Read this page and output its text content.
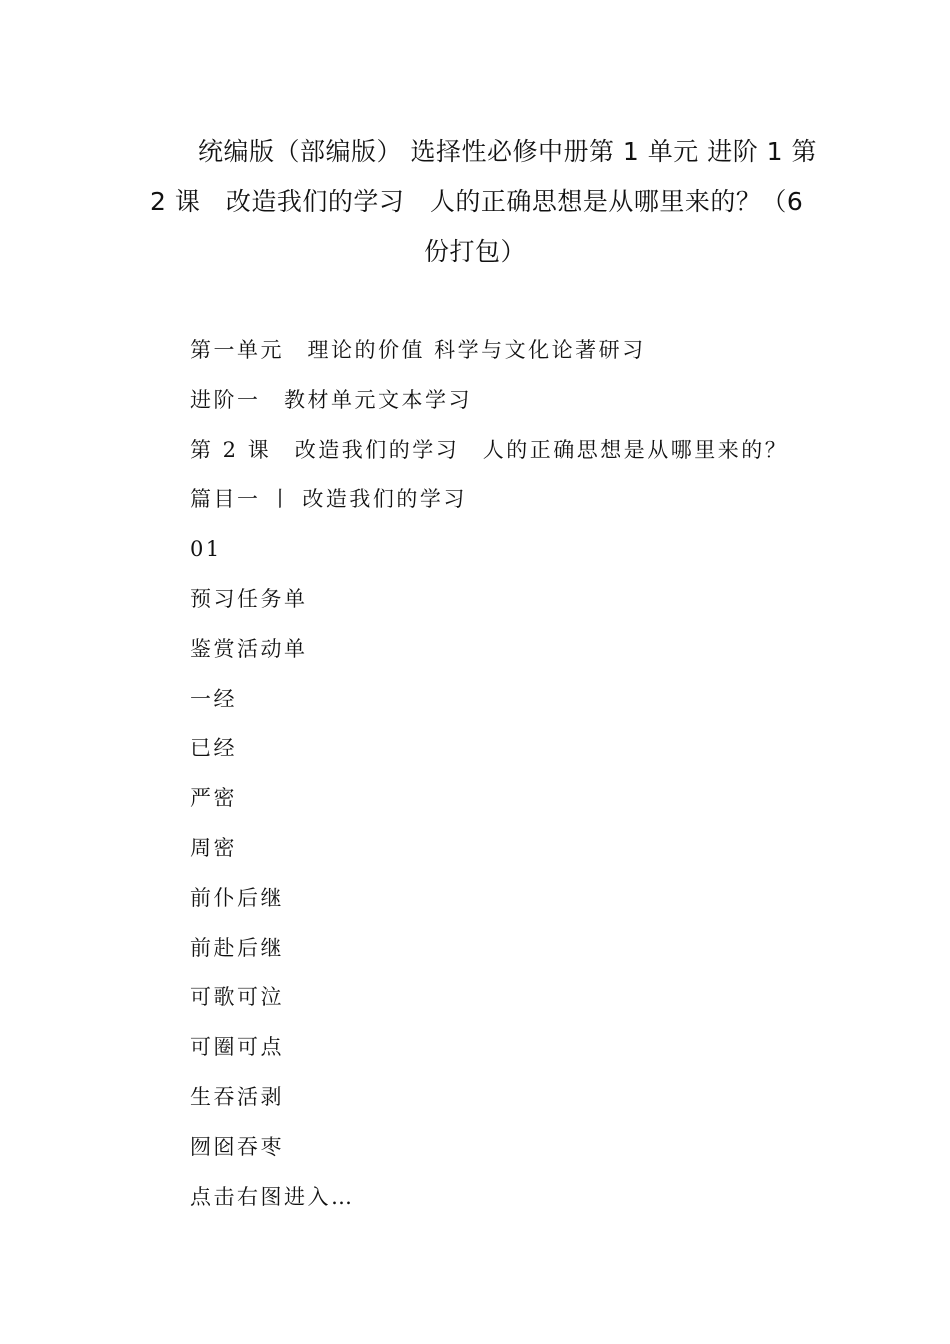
统编版（部编版） 选择性必修中册第 1 单元 进阶 1 第
2 课　改造我们的学习　人的正确思想是从哪里来的？（6
份打包）
第一单元　理论的价值 科学与文化论著研习
进阶一　教材单元文本学习
第 2 课　改造我们的学习　人的正确思想是从哪里来的？
篇目一 丨 改造我们的学习
01
预习任务单
鉴赏活动单
一经
已经
严密
周密
前仆后继
前赴后继
可歌可泣
可圈可点
生吞活剥
囫囵吞枣
点击右图进入…
